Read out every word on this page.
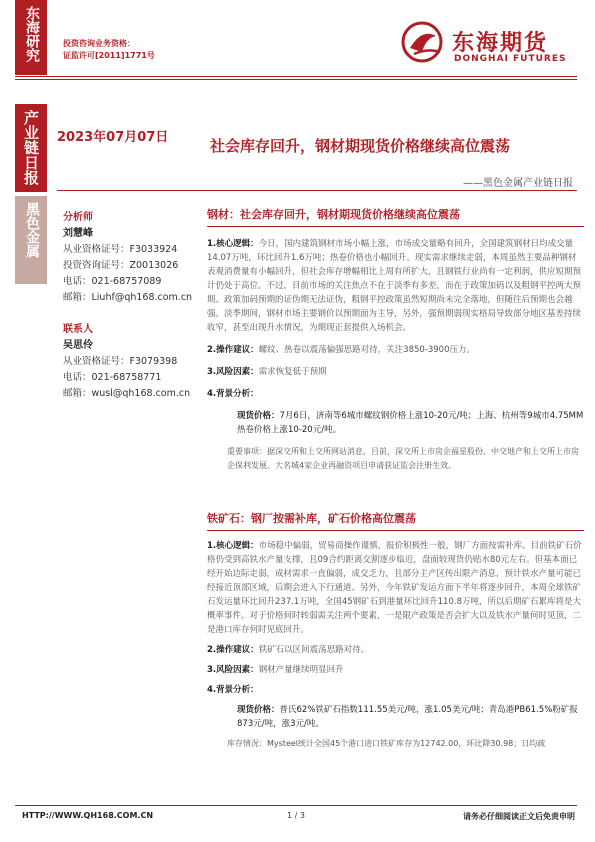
东海研究
产业链日报
黑色金属
投资咨询业务资格：
证监许可[2011]1771号	东海期货
DONGHAI FUTURES
2023年07月07日	社会库存回升，钢材期现货价格继续高位震荡
——黑色金属产业链日报
分析师
刘慧峰
从业资格证号：F3033924
投资咨询证号：Z0013026
电话：021-68757089
邮箱：Liuhf@qh168.com.cn
联系人
吴思伶
从业资格证号：F3079398
电话：021-68758771
邮箱：wusl@qh168.com.cn
钢材：社会库存回升，钢材期现货价格继续高位震荡
1.核心逻辑：今日，国内建筑钢材市场小幅上涨，市场成交量略有回升，全国建筑钢材日均成交量14.07万吨，环比回升1.6万吨；热卷价格也小幅回升。现实需求继续走弱，本周虽然主要品种钢材表观消费量有小幅回升，但社会库存增幅相比上周有所扩大，且钢铁行业尚有一定利润，供应短期预计仍处于高位。不过，目前市场的关注焦点不在于淡季有多差，而在于政策加码以及粗钢平控两大预期。政策加码预期的证伪期无法证伪，粗钢平控政策虽然短期尚未完全落地，但随往后预期也会越强。淡季期间，钢材市场主要钢价以预期面为主导，另外，强预期弱现实格局导致部分地区基差持续收窄，甚至出现升水情况，为期现正套提供入场机会。
2.操作建议：螺纹、热卷以震荡偏强思路对待，关注3850-3900压力。
3.风险因素：需求恢复低于预期
4.背景分析：
现货价格：7月6日，济南等6城市螺纹钢价格上涨10-20元/吨；上海、杭州等9城市4.75MM热卷价格上涨10-20元/吨。
重要事项：据深交所和上交所网站消息，目前，深交所上市房企福星股份、中交地产和上交所上市房企保利发展、大名城4家企业再融资项目申请获证监会注册生效。
铁矿石：钢厂按需补库，矿石价格高位震荡
1.核心逻辑：市场稳中偏弱，贸易商操作谨慎，报价积极性一般，钢厂方面按需补库。目前铁矿石价格仍受到高铁水产量支撑，且09合约距离交割逐步临近，盘面较现货仍贴水80元左右。但基本面已经开始边际走弱，成材需求一直偏弱，成交乏力，且部分主产区传出限产消息，预计铁水产量可能已经接近顶部区域，后期会进入下行通道。另外，今年铁矿发运方面下半年将逐步回升，本周全球铁矿石发运量环比回升237.1万吨，全国45钢矿石到港量环比回升110.8万吨，所以后期矿石累库将是大概率事件。对于价格何时转弱需关注两个要素，一是限产政策是否会扩大以及铁水产量何时见顶，二是港口库存何时见底回升。
2.操作建议：铁矿石以区间震荡思路对待。
3.风险因素：钢材产量继续明显回升
4.背景分析：
现货价格：普氏62%铁矿石指数111.55美元/吨，涨1.05美元/吨；青岛港PB61.5%粉矿报873元/吨，涨3元/吨。
库存情况：Mysteel统计全国45个港口进口铁矿库存为12742.00，环比降30.98；日均疏
HTTP://WWW.QH168.COM.CN	1 / 3	请务必仔细阅读正文后免责申明
